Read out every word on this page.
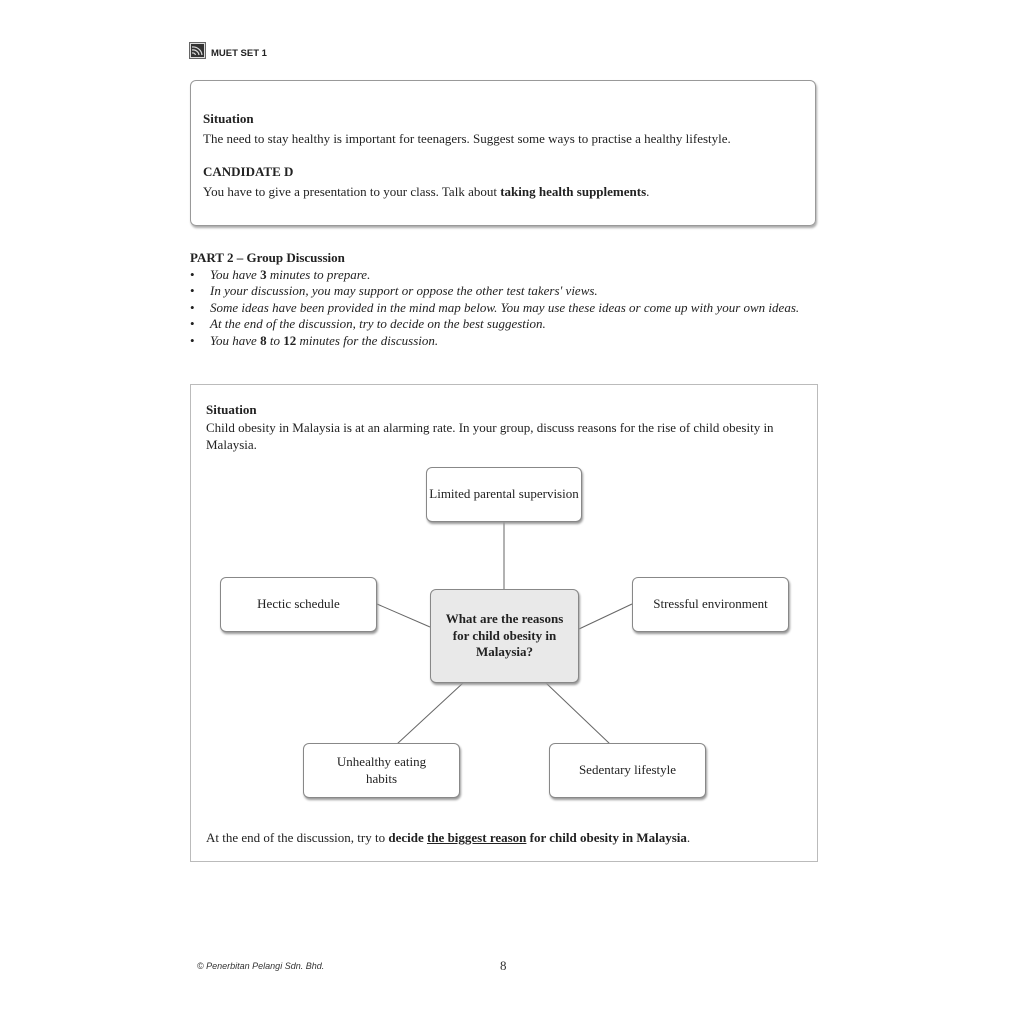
MUET SET 1
Situation
The need to stay healthy is important for teenagers. Suggest some ways to practise a healthy lifestyle.
CANDIDATE D
You have to give a presentation to your class. Talk about taking health supplements.
PART 2 – Group Discussion
• You have 3 minutes to prepare.
• In your discussion, you may support or oppose the other test takers' views.
• Some ideas have been provided in the mind map below. You may use these ideas or come up with your own ideas.
• At the end of the discussion, try to decide on the best suggestion.
• You have 8 to 12 minutes for the discussion.
Situation
Child obesity in Malaysia is at an alarming rate. In your group, discuss reasons for the rise of child obesity in Malaysia.
Limited parental supervision
Hectic schedule	Stressful environment
What are the reasons for child obesity in Malaysia?
Unhealthy eating habits
Sedentary lifestyle
At the end of the discussion, try to decide the biggest reason for child obesity in Malaysia.
© Penerbitan Pelangi Sdn. Bhd.	8
